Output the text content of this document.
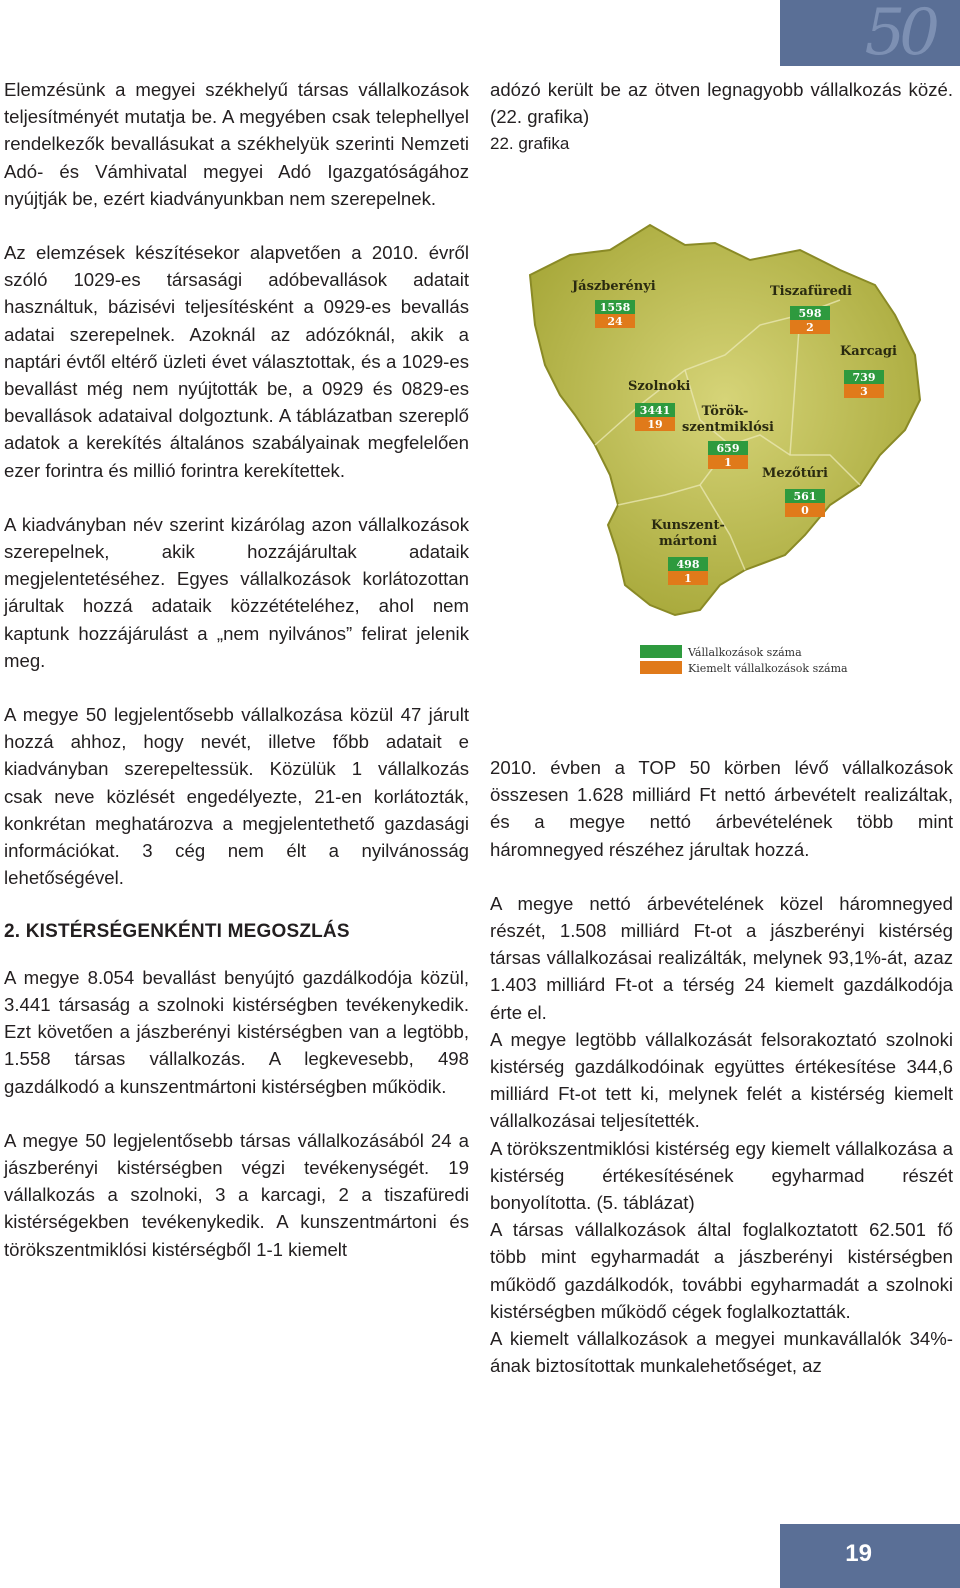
50

Elemzésünk a megyei székhelyű társas vállalkozások teljesítményét mutatja be. A megyében csak telephellyel rendelkezők bevallásukat a székhelyük szerinti Nemzeti Adó- és Vámhivatal megyei Adó Igazgatóságához nyújtják be, ezért kiadványunkban nem szerepelnek.

Az elemzések készítésekor alapvetően a 2010. évről szóló 1029-es társasági adóbevallások adatait használtuk, bázisévi teljesítésként a 0929-es bevallás adatai szerepelnek. Azoknál az adózóknál, akik a naptári évtől eltérő üzleti évet választottak, és a 1029-es bevallást még nem nyújtották be, a 0929 és 0829-es bevallások adataival dolgoztunk. A táblázatban szereplő adatok a kerekítés általános szabályainak megfelelően ezer forintra és millió forintra kerekítettek.

A kiadványban név szerint kizárólag azon vállalkozások szerepelnek, akik hozzájárultak adataik megjelentetéséhez. Egyes vállalkozások korlátozottan járultak hozzá adataik közzétételéhez, ahol nem kaptunk hozzájárulást a „nem nyilvános” felirat jelenik meg.

A megye 50 legjelentősebb vállalkozása közül 47 járult hozzá ahhoz, hogy nevét, illetve főbb adatait e kiadványban szerepeltessük. Közülük 1 vállalkozás csak neve közlését engedélyezte, 21-en korlátozták, konkrétan meghatározva a megjelentethető gazdasági információkat. 3 cég nem élt a nyilvánosság lehetőségével.

2. KISTÉRSÉGENKÉNTI MEGOSZLÁS

A megye 8.054 bevallást benyújtó gazdálkodója közül, 3.441 társaság a szolnoki kistérségben tevékenykedik. Ezt követően a jászberényi kistérségben van a legtöbb, 1.558 társas vállalkozás. A legkevesebb, 498 gazdálkodó a kunszentmártoni kistérségben működik.

A megye 50 legjelentősebb társas vállalkozásából 24 a jászberényi kistérségben végzi tevékenységét. 19 vállalkozás a szolnoki, 3 a karcagi, 2 a tiszafüredi kistérségekben tevékenykedik. A kunszentmártoni és törökszentmiklósi kistérségből 1-1 kiemelt

adózó került be az ötven legnagyobb vállalkozás közé. (22. grafika)

22. grafika

Jászberényi
1558
24
Tiszafüredi
598
2
Karcagi
739
3
Szolnoki
3441
19
Török-
szentmiklósi
659
1
Mezőtúri
561
0
Kunszent-
mártoni
498
1
Vállalkozások száma
Kiemelt vállalkozások száma

2010. évben a TOP 50 körben lévő vállalkozások összesen 1.628 milliárd Ft nettó árbevételt realizáltak, és a megye nettó árbevételének több mint háromnegyed részéhez járultak hozzá.

A megye nettó árbevételének közel háromnegyed részét, 1.508 milliárd Ft-ot a jászberényi kistérség társas vállalkozásai realizálták, melynek 93,1%-át, azaz 1.403 milliárd Ft-ot a térség 24 kiemelt gazdálkodója érte el.

A megye legtöbb vállalkozását felsorakoztató szolnoki kistérség gazdálkodóinak együttes értékesítése 344,6 milliárd Ft-ot tett ki, melynek felét a kistérség kiemelt vállalkozásai teljesítették.

A törökszentmiklósi kistérség egy kiemelt vállalkozása a kistérség értékesítésének egyharmad részét bonyolította. (5. táblázat)

A társas vállalkozások által foglalkoztatott 62.501 fő több mint egyharmadát a jászberényi kistérségben működő gazdálkodók, további egyharmadát a szolnoki kistérségben működő cégek foglalkoztatták.

A kiemelt vállalkozások a megyei munkavállalók 34%-ának biztosítottak munkalehetőséget, az

19
